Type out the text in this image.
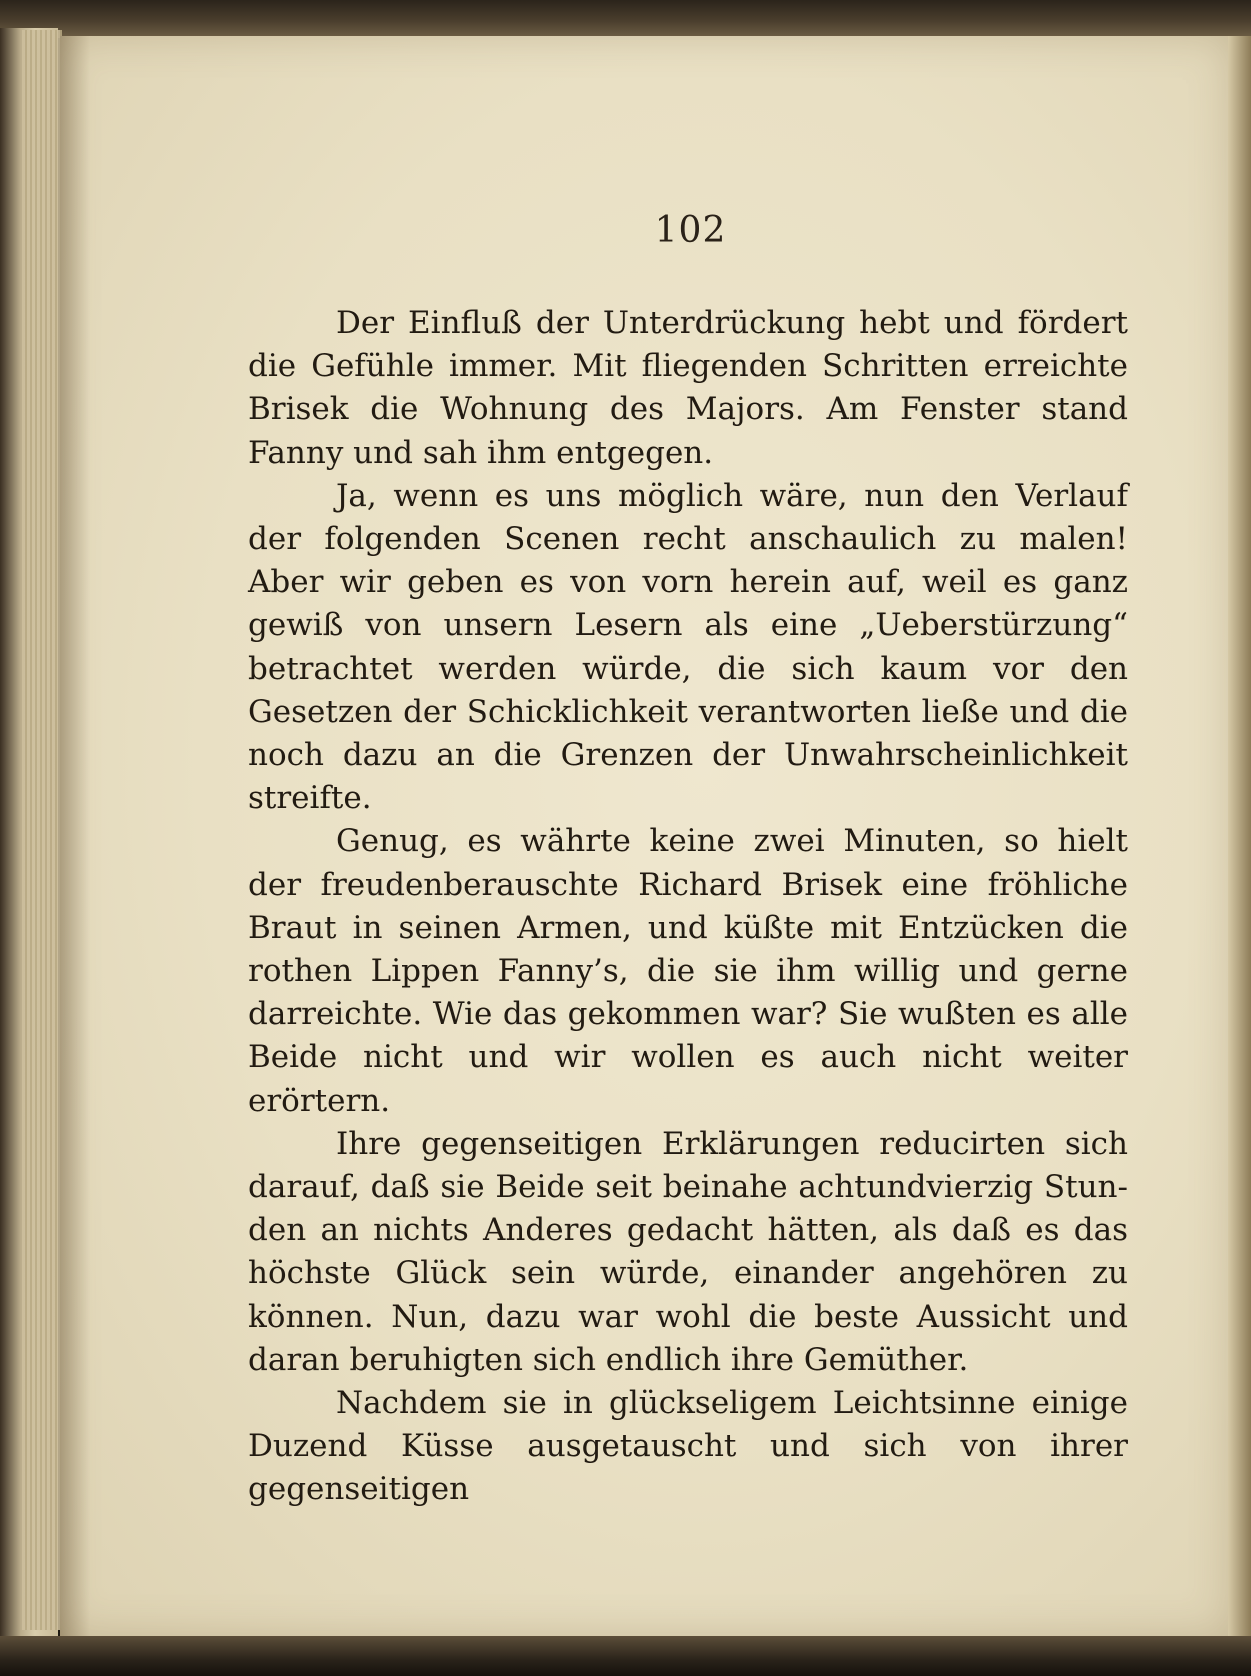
102

Der Einfluß der Unterdrückung hebt und fördert die Gefühle immer. Mit fliegenden Schritten erreichte Brisek die Wohnung des Majors. Am Fenster stand Fanny und sah ihm entgegen.

Ja, wenn es uns möglich wäre, nun den Verlauf der folgenden Scenen recht anschaulich zu malen! Aber wir geben es von vorn herein auf, weil es ganz gewiß von unsern Lesern als eine „Ueberstürzung“ betrachtet werden würde, die sich kaum vor den Gesetzen der Schicklichkeit verantworten ließe und die noch dazu an die Grenzen der Unwahrscheinlichkeit streifte.

Genug, es währte keine zwei Minuten, so hielt der freudenberauschte Richard Brisek eine fröhliche Braut in seinen Armen, und küßte mit Entzücken die rothen Lippen Fanny’s, die sie ihm willig und gerne darreichte. Wie das gekommen war? Sie wußten es alle Beide nicht und wir wollen es auch nicht weiter erörtern.

Ihre gegenseitigen Erklärungen reducirten sich darauf, daß sie Beide seit beinahe achtundvierzig Stunden an nichts Anderes gedacht hätten, als daß es das höchste Glück sein würde, einander angehören zu können. Nun, dazu war wohl die beste Aussicht und daran beruhigten sich endlich ihre Gemüther.

Nachdem sie in glückseligem Leichtsinne einige Duzend Küsse ausgetauscht und sich von ihrer gegenseitigen
